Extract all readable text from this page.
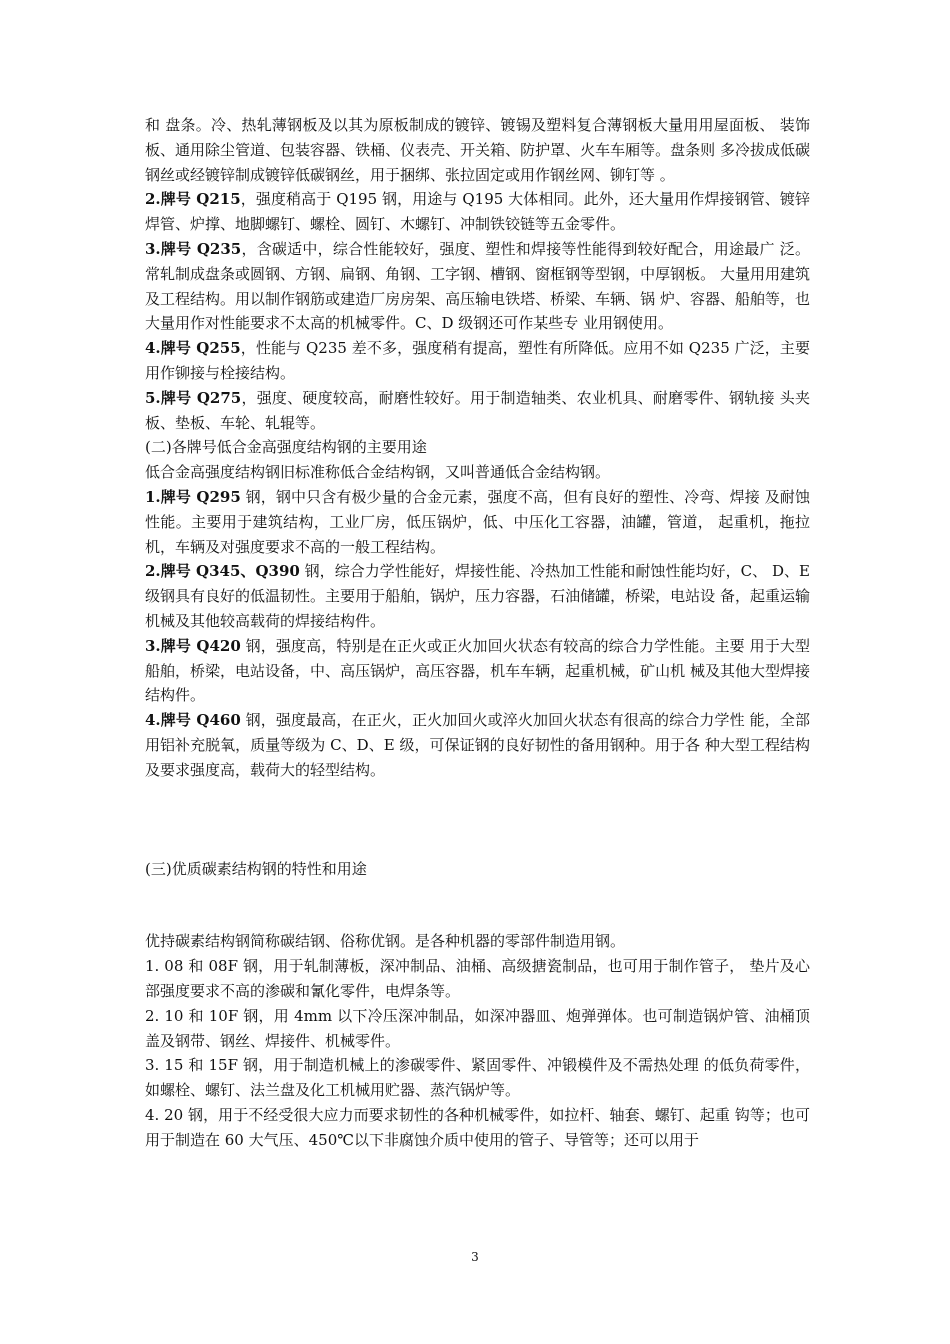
和 盘条。冷、热轧薄钢板及以其为原板制成的镀锌、镀锡及塑料复合薄钢板大量用用屋面板、 装饰板、通用除尘管道、包装容器、铁桶、仪表壳、开关箱、防护罩、火车车厢等。盘条则 多冷拔成低碳钢丝或经镀锌制成镀锌低碳钢丝，用于捆绑、张拉固定或用作钢丝网、铆钉等 。

2.牌号 Q215，强度稍高于 Q195 钢，用途与 Q195 大体相同。此外，还大量用作焊接钢管、镀锌 焊管、炉撑、地脚螺钉、螺栓、圆钉、木螺钉、冲制铁铰链等五金零件。

3.牌号 Q235，含碳适中，综合性能较好，强度、塑性和焊接等性能得到较好配合，用途最广 泛。常轧制成盘条或圆钢、方钢、扁钢、角钢、工字钢、槽钢、窗框钢等型钢，中厚钢板。 大量用用建筑及工程结构。用以制作钢筋或建造厂房房架、高压输电铁塔、桥梁、车辆、锅 炉、容器、船舶等，也大量用作对性能要求不太高的机械零件。C、D 级钢还可作某些专 业用钢使用。

4.牌号 Q255，性能与 Q235 差不多，强度稍有提高，塑性有所降低。应用不如 Q235 广泛，主要 用作铆接与栓接结构。

5.牌号 Q275，强度、硬度较高，耐磨性较好。用于制造轴类、农业机具、耐磨零件、钢轨接 头夹板、垫板、车轮、轧辊等。

(二)各牌号低合金高强度结构钢的主要用途

低合金高强度结构钢旧标准称低合金结构钢，又叫普通低合金结构钢。

1.牌号 Q295 钢，钢中只含有极少量的合金元素，强度不高，但有良好的塑性、冷弯、焊接 及耐蚀性能。主要用于建筑结构，工业厂房，低压锅炉，低、中压化工容器，油罐，管道， 起重机，拖拉机，车辆及对强度要求不高的一般工程结构。

2.牌号 Q345、Q390 钢，综合力学性能好，焊接性能、冷热加工性能和耐蚀性能均好，C、 D、E 级钢具有良好的低温韧性。主要用于船舶，锅炉，压力容器，石油储罐，桥梁，电站设 备，起重运输机械及其他较高载荷的焊接结构件。

3.牌号 Q420 钢，强度高，特别是在正火或正火加回火状态有较高的综合力学性能。主要 用于大型船舶，桥梁，电站设备，中、高压锅炉，高压容器，机车车辆，起重机械，矿山机 械及其他大型焊接结构件。

4.牌号 Q460 钢，强度最高，在正火，正火加回火或淬火加回火状态有很高的综合力学性 能，全部用铝补充脱氧，质量等级为 C、D、E 级，可保证钢的良好韧性的备用钢种。用于各 种大型工程结构及要求强度高，载荷大的轻型结构。

(三)优质碳素结构钢的特性和用途

优持碳素结构钢简称碳结钢、俗称优钢。是各种机器的零部件制造用钢。

1. 08 和 08F 钢，用于轧制薄板，深冲制品、油桶、高级搪瓷制品，也可用于制作管子， 垫片及心部强度要求不高的渗碳和氰化零件，电焊条等。

2. 10 和 10F 钢，用 4mm 以下冷压深冲制品，如深冲器皿、炮弹弹体。也可制造锅炉管、油桶顶盖及钢带、钢丝、焊接件、机械零件。

3. 15 和 15F 钢，用于制造机械上的渗碳零件、紧固零件、冲锻模件及不需热处理 的低负荷零件，如螺栓、螺钉、法兰盘及化工机械用贮器、蒸汽锅炉等。

4. 20 钢，用于不经受很大应力而要求韧性的各种机械零件，如拉杆、轴套、螺钉、起重 钩等；也可用于制造在 60 大气压、450℃以下非腐蚀介质中使用的管子、导管等；还可以用于

3
